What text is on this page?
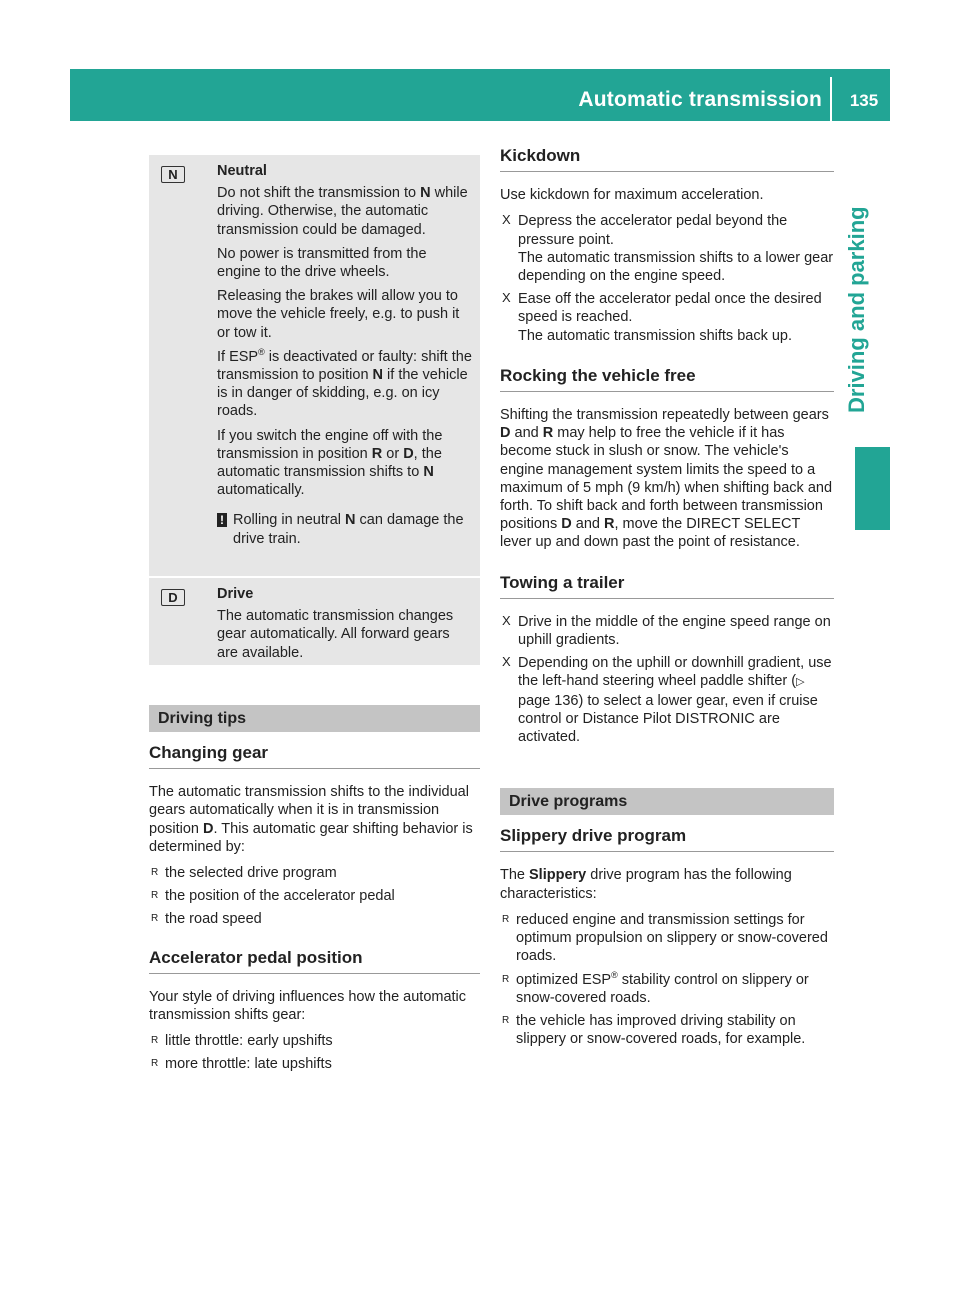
Automatic transmission	135
Driving and parking
N	Neutral

Do not shift the transmission to N while driving. Otherwise, the automatic transmission could be damaged.

No power is transmitted from the engine to the drive wheels.

Releasing the brakes will allow you to move the vehicle freely, e.g. to push it or tow it.

If ESP® is deactivated or faulty: shift the transmission to position N if the vehicle is in danger of skidding, e.g. on icy roads.

If you switch the engine off with the transmission in position R or D, the automatic transmission shifts to N automatically.

! Rolling in neutral N can damage the drive train.
D	Drive

The automatic transmission changes gear automatically. All forward gears are available.

Driving tips
Changing gear

The automatic transmission shifts to the individual gears automatically when it is in transmission position D. This automatic gear shifting behavior is determined by:

R the selected drive program
R the position of the accelerator pedal
R the road speed
Accelerator pedal position

Your style of driving influences how the automatic transmission shifts gear:

R little throttle: early upshifts
R more throttle: late upshifts
Kickdown

Use kickdown for maximum acceleration.

X Depress the accelerator pedal beyond the pressure point.
The automatic transmission shifts to a lower gear depending on the engine speed.
X Ease off the accelerator pedal once the desired speed is reached.
The automatic transmission shifts back up.
Rocking the vehicle free

Shifting the transmission repeatedly between gears D and R may help to free the vehicle if it has become stuck in slush or snow. The vehicle's engine management system limits the speed to a maximum of 5 mph (9 km/h) when shifting back and forth. To shift back and forth between transmission positions D and R, move the DIRECT SELECT lever up and down past the point of resistance.

Towing a trailer
X Drive in the middle of the engine speed range on uphill gradients.
X Depending on the uphill or downhill gradient, use the left-hand steering wheel paddle shifter (▷ page 136) to select a lower gear, even if cruise control or Distance Pilot DISTRONIC are activated.
Drive programs
Slippery drive program

The Slippery drive program has the following characteristics:

R reduced engine and transmission settings for optimum propulsion on slippery or snow-covered roads.
R optimized ESP® stability control on slippery or snow-covered roads.
R the vehicle has improved driving stability on slippery or snow-covered roads, for example.
